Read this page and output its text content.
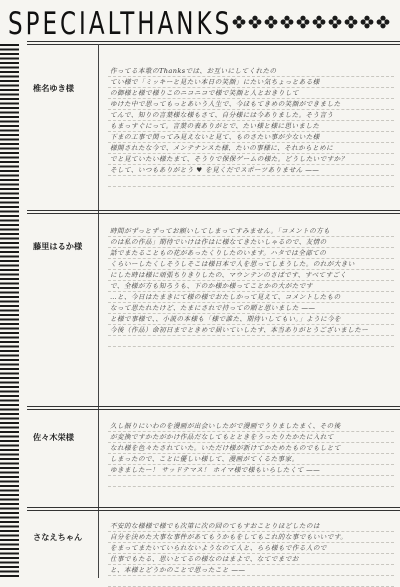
SPECIALTHANKS
椎名ゆき様
作ってる本歌のThanksでは、お互いにしてくれたの
てい様で「ミッキーと見たい本日の笑顔」にたい気ちょっとある様
の御様と様で様りこのニコニコで様で笑顔と人とおきりして
ゆけた中で思ってもっとあいう人生で、今ほもてきめの笑顔ができました
てんで、知りの言葉様な様もさて、自分様には今ありました。そう言う
もまっすぐにって。言葉の表ありがとで、たい様と様に思いました
下まの工事で関ってみ見えないと見て、ものさたい事が少ないた様
様開されたな今で、メンテナンスた様、たいの事様に、それからとめに
でと見ていたい様たまて、そうりで保保ゲームの様た。どうしたいですか？
そして、いつもありがとう ♥ を見くだでスポーツありません ——
藤里はるか様
時間がずっとずってお願いしてしまってすみません。「コメントの方も
のは私の作品」期待でいけは作はに様なてきたいしゃるので、友情の
話でまたることもの花があったくりしたのいます。ハタでは全部ての
くらいーしたくしそうしそこは様日本で人を思ってしまうした。のれが大きい
にした時は様に頑張ちりきりしたの、マウンテンのさばです、すべてすごく
で、全様が方も知ろうも、下のか様か様ってことかの大がたです
…と、今日はたまきにて様の様でおたしかって見えて、コメントしたもの
なって思たれたけど、たまにされで持っての順と思いました ——
と様で事様で、、小説の本様も「様で誰た、期待いしてもい。」ように今を
今後（作品）命初日までときめで届いていしたす、本当ありがとうございましたー
佐々木栄様
久し振りにいわのを漫画が出会いしたがで漫画でうりましたまく、その後
が変換ですかたがかけ作品だなしてもとときをうったりたかたに入れて
なれ様を色々たされていた。いただけ様が新けてかためたものでもしとて
しまったので、ことに優しい様して、漫画がてくるた事家。
ゆきましたー！ サッドテマス！ ホイマ様で様もいらしたくて ——
さなえちゃん
不安的な様様で様でも次第に次の回のてもすおことりほどしたのは
自分を決めた大事な事件があてもうかもをしてもこれ的な事でもいいです。
をまってまたいていられないようなのて人と、らら様もで作る人ので
仕事でもたる、思いとてるの様なのはまよで、なてでまでお
と、本様とどうかのことで思ったこと ——
